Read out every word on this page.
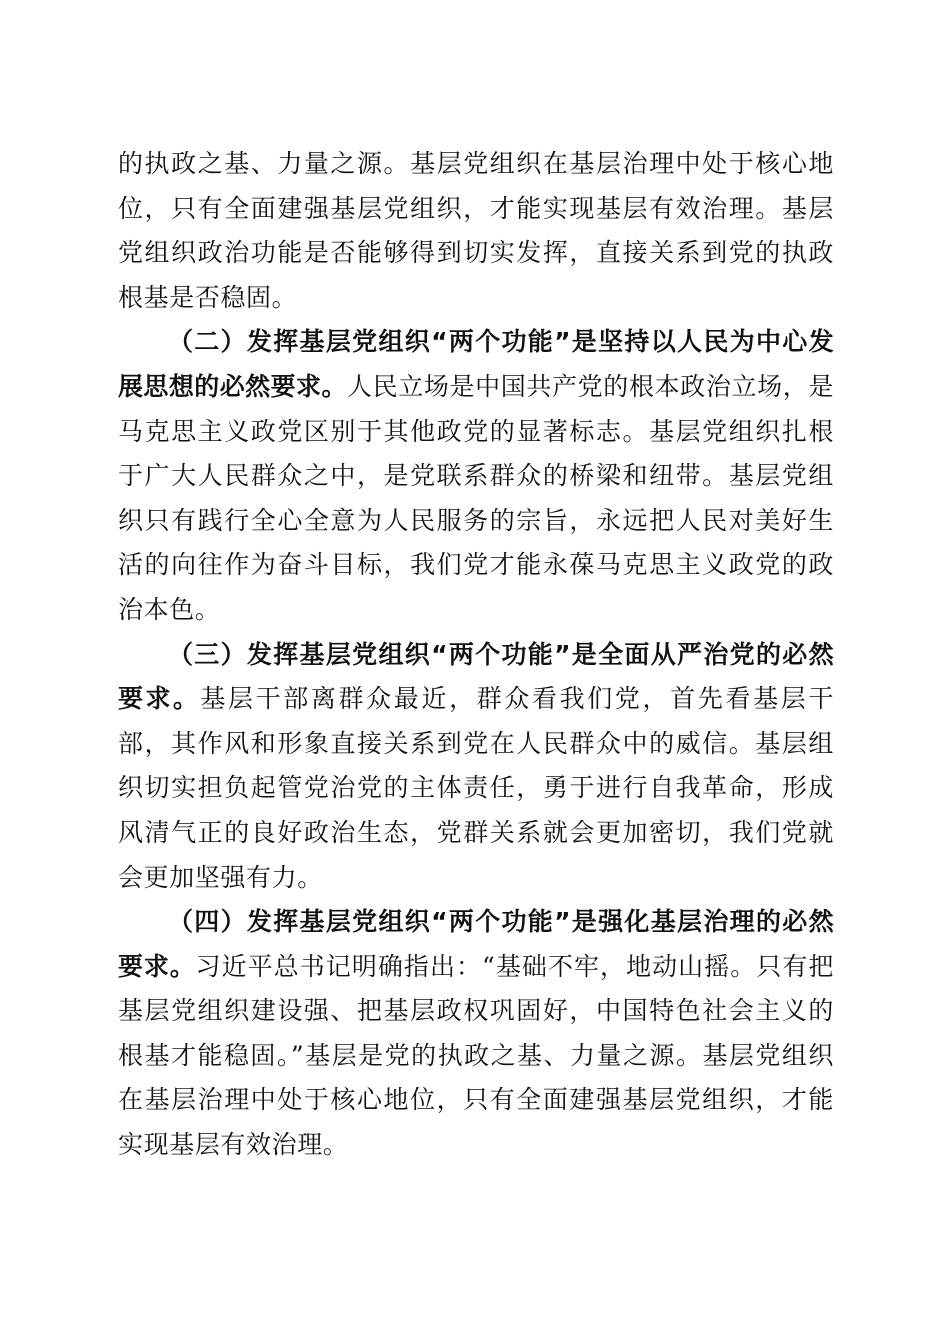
的执政之基、力量之源。基层党组织在基层治理中处于核心地位，只有全面建强基层党组织，才能实现基层有效治理。基层党组织政治功能是否能够得到切实发挥，直接关系到党的执政根基是否稳固。

（二）发挥基层党组织“两个功能”是坚持以人民为中心发展思想的必然要求。人民立场是中国共产党的根本政治立场，是马克思主义政党区别于其他政党的显著标志。基层党组织扎根于广大人民群众之中，是党联系群众的桥梁和纽带。基层党组织只有践行全心全意为人民服务的宗旨，永远把人民对美好生活的向往作为奋斗目标，我们党才能永葆马克思主义政党的政治本色。

（三）发挥基层党组织“两个功能”是全面从严治党的必然要求。基层干部离群众最近，群众看我们党，首先看基层干部，其作风和形象直接关系到党在人民群众中的威信。基层组织切实担负起管党治党的主体责任，勇于进行自我革命，形成风清气正的良好政治生态，党群关系就会更加密切，我们党就会更加坚强有力。

（四）发挥基层党组织“两个功能”是强化基层治理的必然要求。习近平总书记明确指出：“基础不牢，地动山摇。只有把基层党组织建设强、把基层政权巩固好，中国特色社会主义的根基才能稳固。”基层是党的执政之基、力量之源。基层党组织在基层治理中处于核心地位，只有全面建强基层党组织，才能实现基层有效治理。
